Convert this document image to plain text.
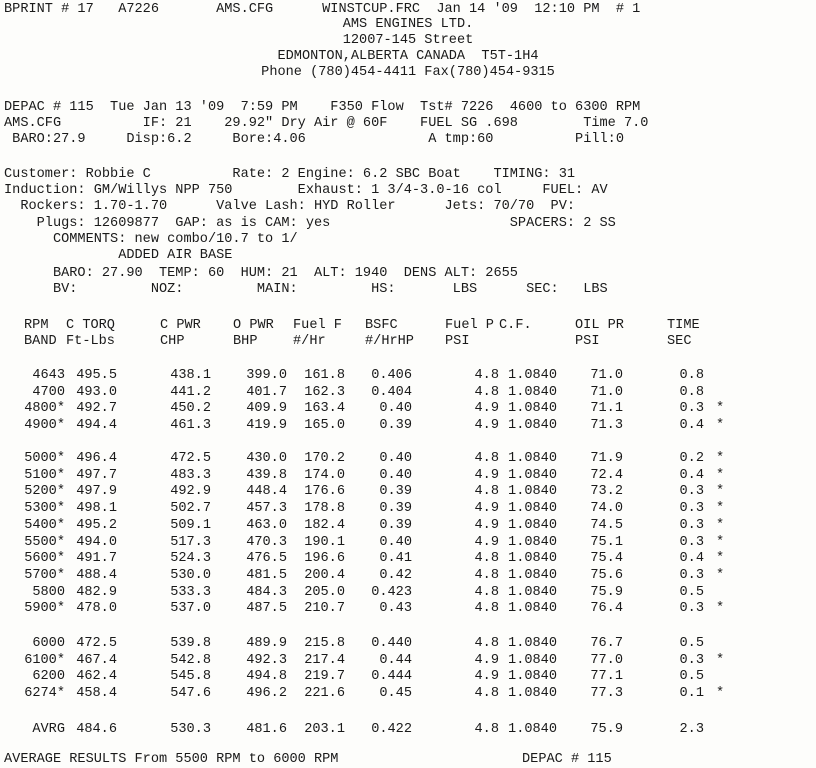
BPRINT # 17   A7226       AMS.CFG      WINSTCUP.FRC  Jan 14 '09  12:10 PM  # 1
AMS ENGINES LTD.
12007-145 Street
EDMONTON,ALBERTA CANADA  T5T-1H4
Phone (780)454-4411 Fax(780)454-9315
DEPAC # 115  Tue Jan 13 '09  7:59 PM    F350 Flow  Tst# 7226  4600 to 6300 RPM
AMS.CFG          IF: 21    29.92" Dry Air @ 60F    FUEL SG .698        Time 7.0
BARO:27.9     Disp:6.2     Bore:4.06               A tmp:60          Pill:0
Customer: Robbie C          Rate: 2 Engine: 6.2 SBC Boat    TIMING: 31
Induction: GM/Willys NPP 750        Exhaust: 1 3/4-3.0-16 col     FUEL: AV
Rockers: 1.70-1.70      Valve Lash: HYD Roller      Jets: 70/70  PV:
Plugs: 12609877  GAP: as is CAM: yes                      SPACERS: 2 SS
COMMENTS: new combo/10.7 to 1/
ADDED AIR BASE
BARO: 27.90  TEMP: 60  HUM: 21  ALT: 1940  DENS ALT: 2655
BV:         NOZ:         MAIN:         HS:       LBS      SEC:   LBS
RPM C TORQ	C PWR O PWR Fuel F BSFC	Fuel P C.F.	OIL PR	TIME
BAND Ft-Lbs	CHP	BHP	#/Hr	#/HrHP PSI	PSI	SEC
4643 495.5	438.1	399.0 161.8 0.406	4.8 1.0840 71.0	0.8
4700 493.0	441.2	401.7 162.3 0.404	4.8 1.0840 71.0	0.8
4800* 492.7	450.2	409.9 163.4	0.40	4.9 1.0840 71.1	0.3 *
4900* 494.4	461.3	419.9 165.0	0.39	4.9 1.0840 71.3	0.4 *
5000* 496.4	472.5	430.0 170.2	0.40	4.8 1.0840 71.9	0.2 *
5100* 497.7	483.3	439.8 174.0	0.40	4.9 1.0840 72.4	0.4 *
5200* 497.9	492.9	448.4 176.6	0.39	4.8 1.0840 73.2	0.3 *
5300* 498.1	502.7	457.3 178.8	0.39	4.9 1.0840 74.0	0.3 *
5400* 495.2	509.1	463.0 182.4	0.39	4.9 1.0840 74.5	0.3 *
5500* 494.0	517.3	470.3 190.1	0.40	4.9 1.0840 75.1	0.3 *
5600* 491.7	524.3	476.5 196.6	0.41	4.8 1.0840 75.4	0.4 *
5700* 488.4	530.0	481.5 200.4	0.42	4.8 1.0840 75.6	0.3 *
5800 482.9	533.3	484.3 205.0 0.423	4.8 1.0840 75.9	0.5
5900* 478.0	537.0	487.5 210.7	0.43	4.8 1.0840 76.4	0.3 *
6000 472.5	539.8	489.9 215.8 0.440	4.8 1.0840 76.7	0.5
6100* 467.4	542.8	492.3 217.4	0.44	4.9 1.0840 77.0	0.3 *
6200 462.4	545.8	494.8 219.7 0.444	4.9 1.0840 77.1	0.5
6274* 458.4	547.6	496.2 221.6	0.45	4.8 1.0840 77.3	0.1 *
AVRG 484.6	530.3	481.6 203.1 0.422	4.8 1.0840 75.9	2.3
AVERAGE RESULTS From 5500 RPM to 6000 RPM	DEPAC # 115
